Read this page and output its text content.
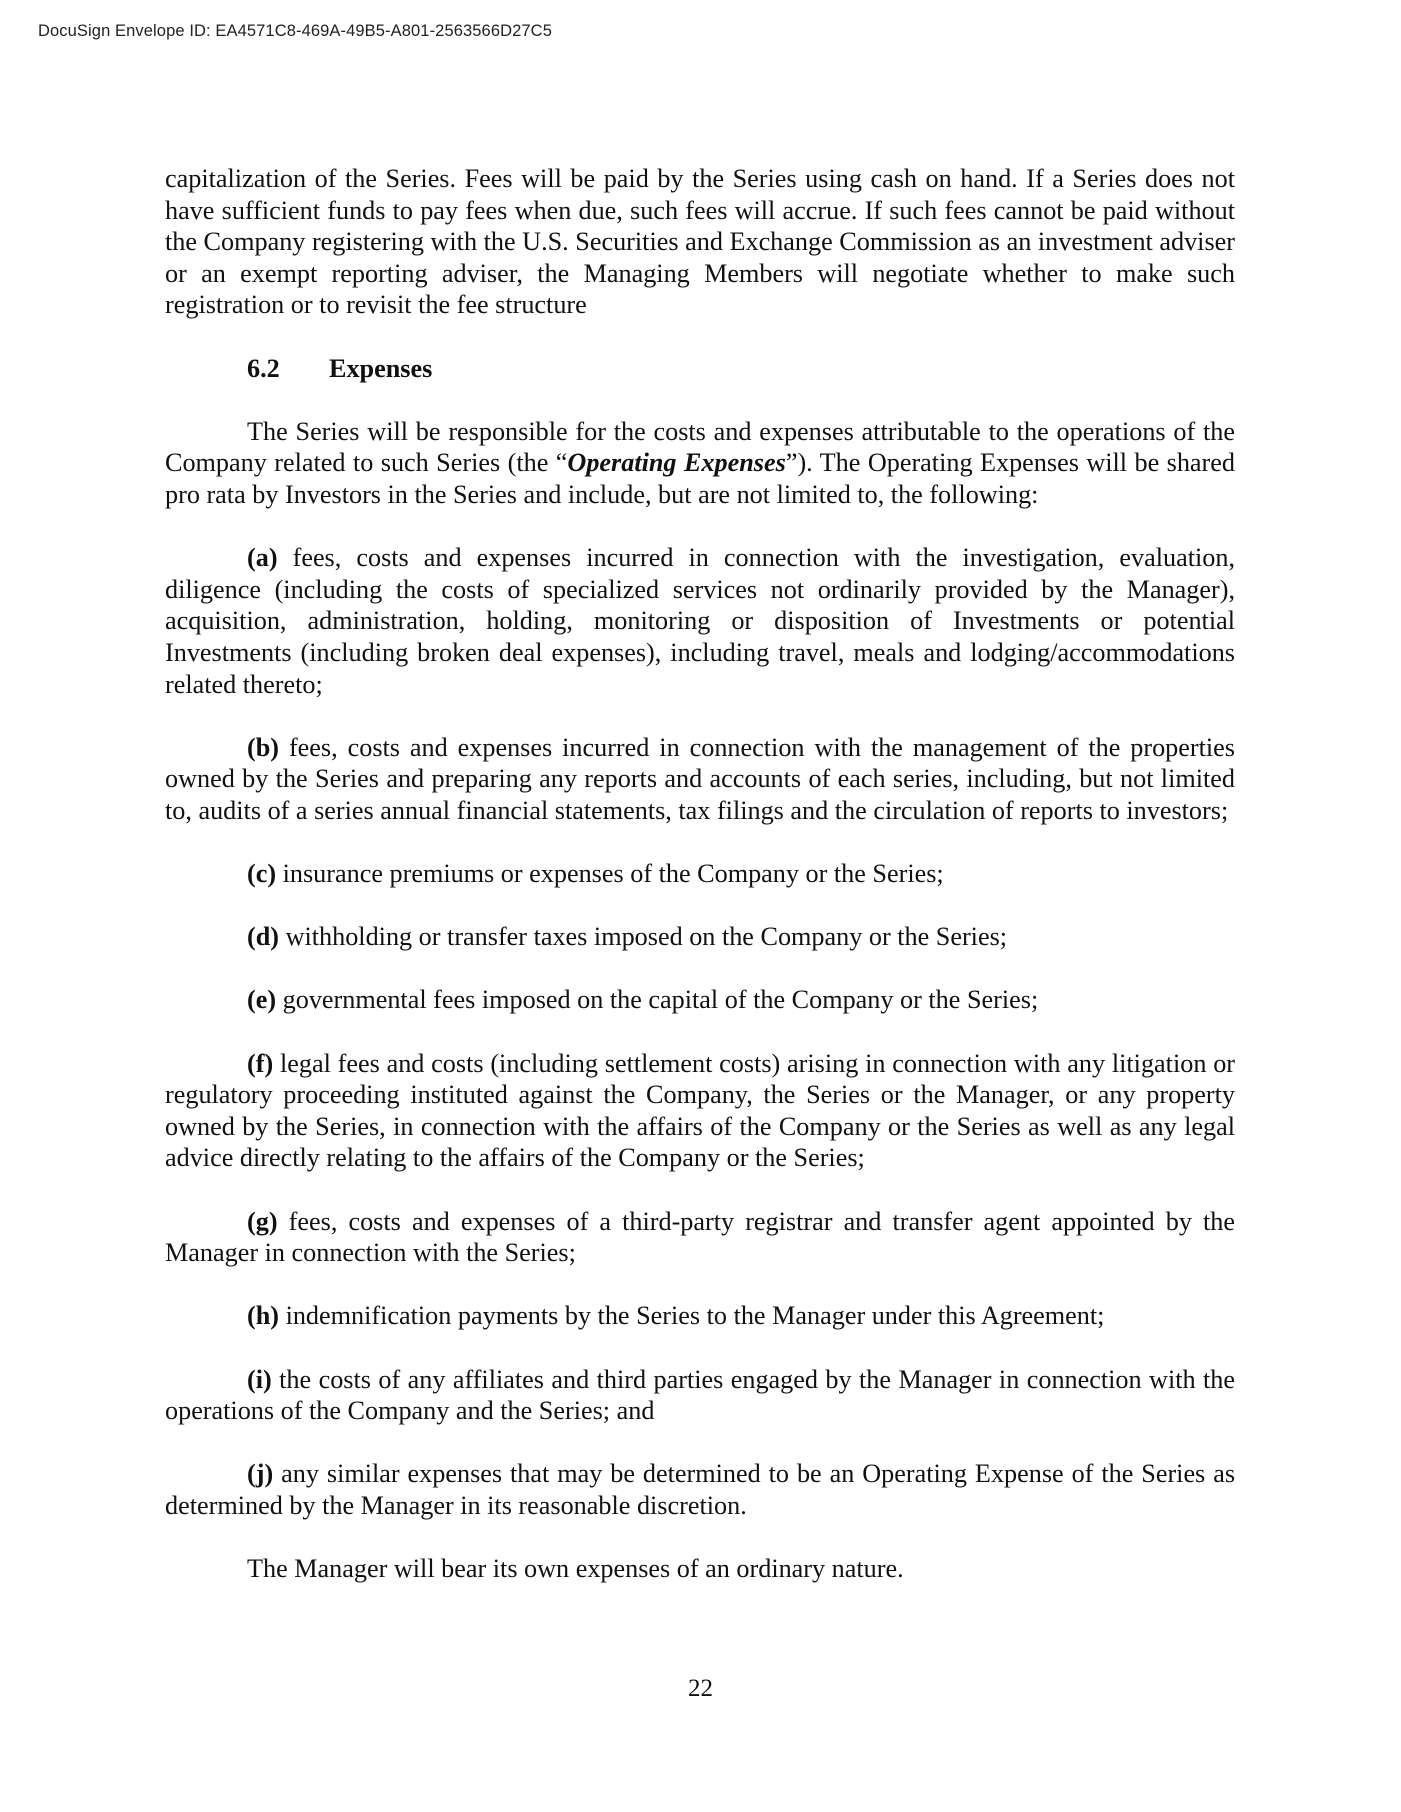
DocuSign Envelope ID: EA4571C8-469A-49B5-A801-2563566D27C5

capitalization of the Series. Fees will be paid by the Series using cash on hand. If a Series does not have sufficient funds to pay fees when due, such fees will accrue. If such fees cannot be paid without the Company registering with the U.S. Securities and Exchange Commission as an investment adviser or an exempt reporting adviser, the Managing Members will negotiate whether to make such registration or to revisit the fee structure

6.2 Expenses

The Series will be responsible for the costs and expenses attributable to the operations of the Company related to such Series (the “Operating Expenses”). The Operating Expenses will be shared pro rata by Investors in the Series and include, but are not limited to, the following:

(a) fees, costs and expenses incurred in connection with the investigation, evaluation, diligence (including the costs of specialized services not ordinarily provided by the Manager), acquisition, administration, holding, monitoring or disposition of Investments or potential Investments (including broken deal expenses), including travel, meals and lodging/accommodations related thereto;

(b) fees, costs and expenses incurred in connection with the management of the properties owned by the Series and preparing any reports and accounts of each series, including, but not limited to, audits of a series annual financial statements, tax filings and the circulation of reports to investors;

(c) insurance premiums or expenses of the Company or the Series;

(d) withholding or transfer taxes imposed on the Company or the Series;

(e) governmental fees imposed on the capital of the Company or the Series;

(f) legal fees and costs (including settlement costs) arising in connection with any litigation or regulatory proceeding instituted against the Company, the Series or the Manager, or any property owned by the Series, in connection with the affairs of the Company or the Series as well as any legal advice directly relating to the affairs of the Company or the Series;

(g) fees, costs and expenses of a third-party registrar and transfer agent appointed by the Manager in connection with the Series;

(h) indemnification payments by the Series to the Manager under this Agreement;

(i) the costs of any affiliates and third parties engaged by the Manager in connection with the operations of the Company and the Series; and

(j) any similar expenses that may be determined to be an Operating Expense of the Series as determined by the Manager in its reasonable discretion.

The Manager will bear its own expenses of an ordinary nature.

22
